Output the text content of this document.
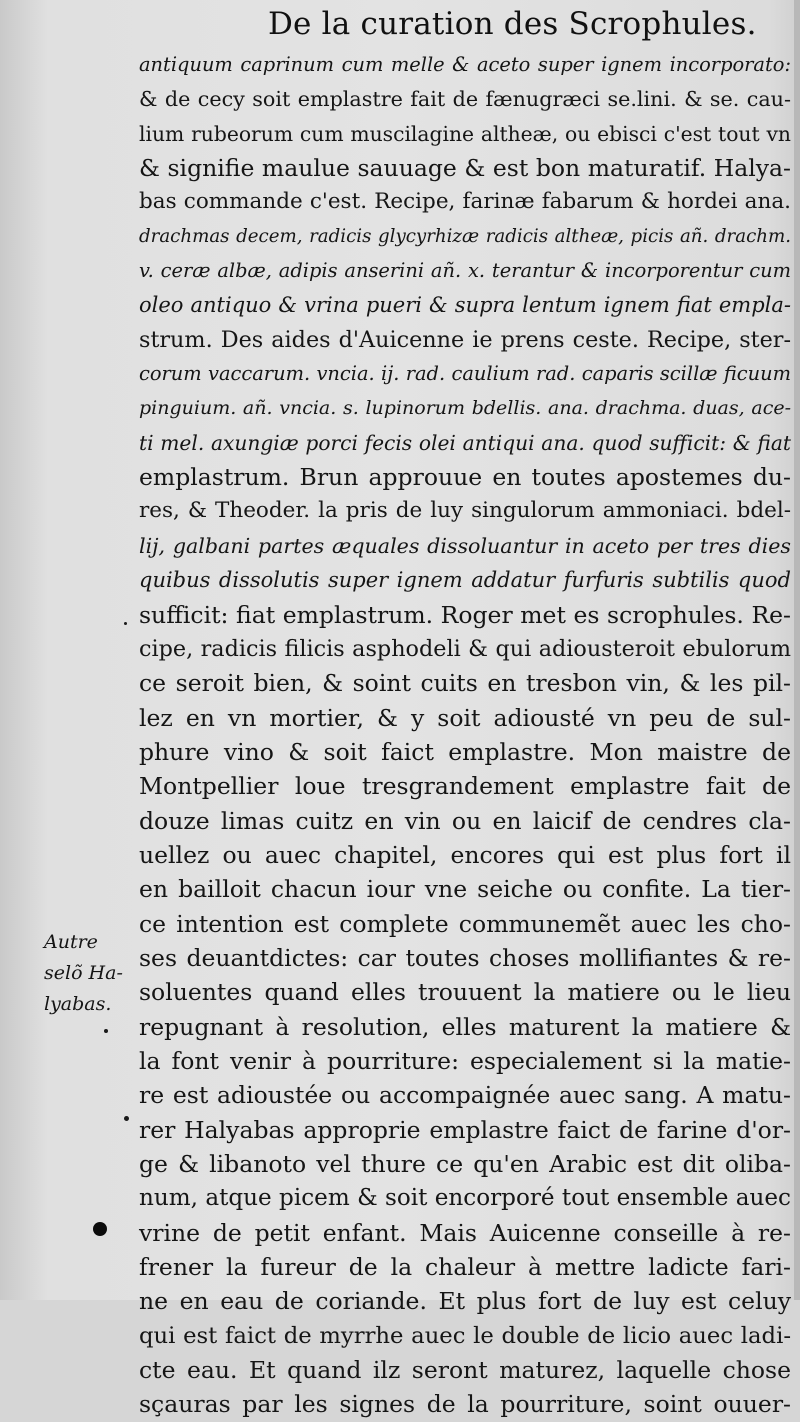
De la curation des Scrophules.
antiquum caprinum cum melle & aceto super ignem incorporato:
& de cecy soit emplastre fait de fænugræci se.lini. & se. cau-
lium rubeorum cum muscilagine altheæ, ou ebisci c'est tout vn
& signifie maulue sauuage & est bon maturatif. Halya-
bas commande c'est. Recipe, farinæ fabarum & hordei ana.
drachmas decem, radicis glycyrhizæ radicis altheæ, picis añ. drachm.
v. ceræ albæ, adipis anserini añ. x. terantur & incorporentur cum
oleo antiquo & vrina pueri & supra lentum ignem fiat empla-
strum. Des aides d'Auicenne ie prens ceste. Recipe, ster-
corum vaccarum. vncia. ij. rad. caulium rad. caparis scillæ ficuum
pinguium. añ. vncia. s. lupinorum bdellis. ana. drachma. duas, ace-
ti mel. axungiæ porci fecis olei antiqui ana. quod sufficit: & fiat
emplastrum. Brun approuue en toutes apostemes du-
res, & Theoder. la pris de luy singulorum ammoniaci. bdel-
lij, galbani partes æquales dissoluantur in aceto per tres dies
quibus dissolutis super ignem addatur furfuris subtilis quod
sufficit: fiat emplastrum. Roger met es scrophules. Re-
cipe, radicis filicis asphodeli & qui adiousteroit ebulorum
ce seroit bien, & soint cuits en tresbon vin, & les pil-
lez en vn mortier, & y soit adiousté vn peu de sul-
phure vino & soit faict emplastre. Mon maistre de
Montpellier loue tresgrandement emplastre fait de
douze limas cuitz en vin ou en laicif de cendres cla-
uellez ou auec chapitel, encores qui est plus fort il
en bailloit chacun iour vne seiche ou confite. La tier-
ce intention est complete communemẽt auec les cho-
ses deuantdictes: car toutes choses mollifiantes & re-
soluentes quand elles trouuent la matiere ou le lieu
repugnant à resolution, elles maturent la matiere &
la font venir à pourriture: especialement si la matie-
re est adioustée ou accompaignée auec sang. A matu-
rer Halyabas approprie emplastre faict de farine d'or-
ge & libanoto vel thure ce qu'en Arabic est dit oliba-
num, atque picem & soit encorporé tout ensemble auec
vrine de petit enfant. Mais Auicenne conseille à re-
frener la fureur de la chaleur à mettre ladicte fari-
ne en eau de coriande. Et plus fort de luy est celuy
qui est faict de myrrhe auec le double de licio auec ladi-
cte eau. Et quand ilz seront maturez, laquelle chose
sçauras par les signes de la pourriture, soint ouuer-
Autre
selõ Ha-
lyabas.
